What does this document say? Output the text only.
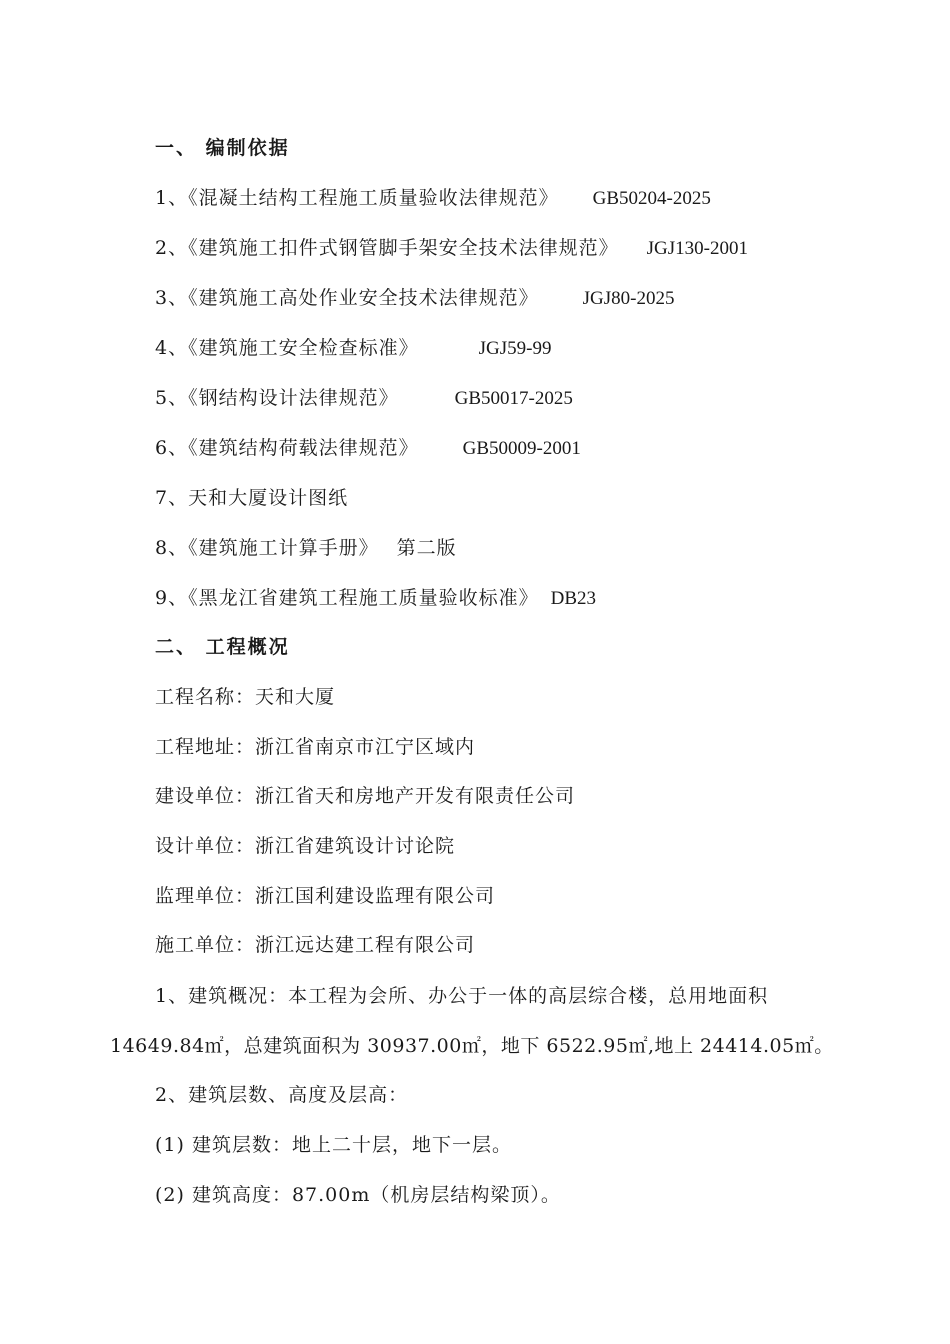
一、 编制依据
1、《混凝土结构工程施工质量验收法律规范》 GB50204-2025
2、《建筑施工扣件式钢管脚手架安全技术法律规范》 JGJ130-2001
3、《建筑施工高处作业安全技术法律规范》 JGJ80-2025
4、《建筑施工安全检查标准》	JGJ59-99
5、《钢结构设计法律规范》	GB50017-2025
6、《建筑结构荷载法律规范》 GB50009-2001
7、天和大厦设计图纸
8、《建筑施工计算手册》 第二版
9、《黑龙江省建筑工程施工质量验收标准》 DB23
二、 工程概况
工程名称：天和大厦
工程地址：浙江省南京市江宁区域内
建设单位：浙江省天和房地产开发有限责任公司
设计单位：浙江省建筑设计讨论院
监理单位：浙江国利建设监理有限公司
施工单位：浙江远达建工程有限公司
1、建筑概况：本工程为会所、办公于一体的高层综合楼，总用地面积
14649.84㎡，总建筑面积为 30937.00㎡，地下 6522.95㎡,地上 24414.05㎡。
2、建筑层数、高度及层高：
(1) 建筑层数：地上二十层，地下一层。
(2) 建筑高度：87.00m（机房层结构梁顶）。
